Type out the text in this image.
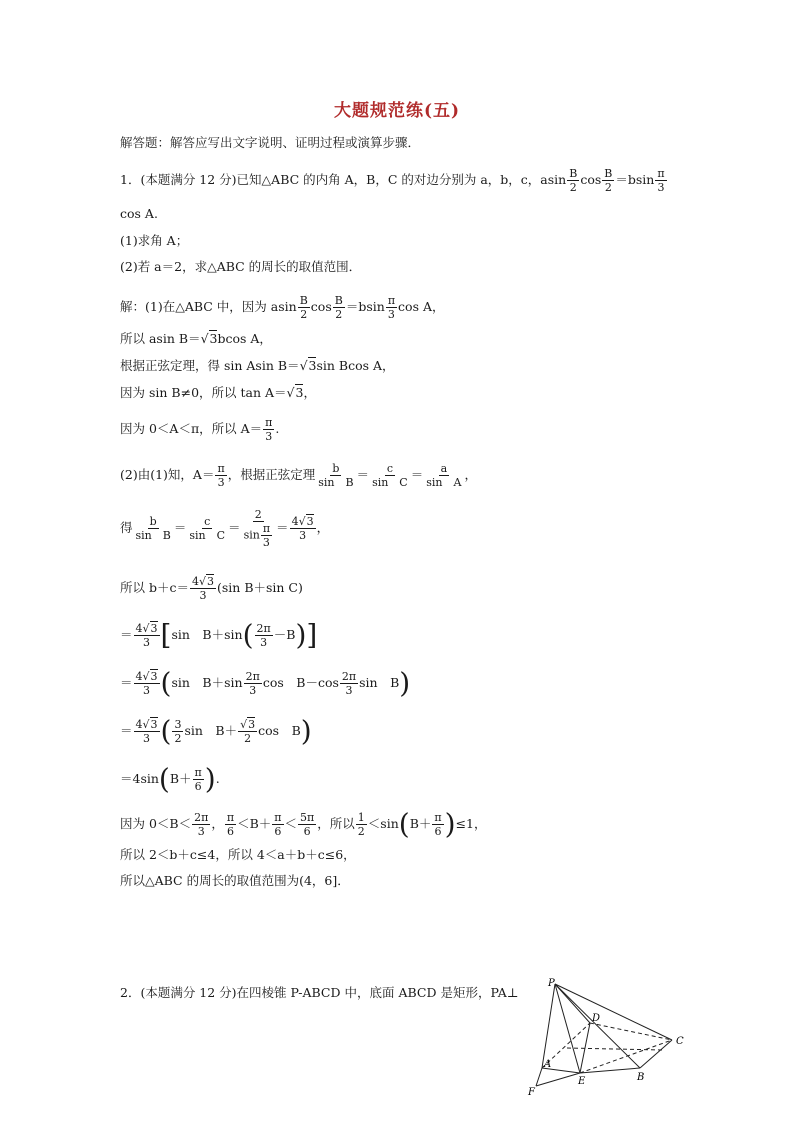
大题规范练(五)
解答题：解答应写出文字说明、证明过程或演算步骤．
1．(本题满分 12 分)已知△ABC 的内角 A，B，C 的对边分别为 a，b，c，asin $\frac{B}{2}$ $\cos \frac{B}{2} =bsin \frac{\pi}{3}$
cos A.
(1)求角 A；
(2)若 a＝2，求△ABC 的周长的取值范围．
解：(1)在△ABC 中，因为 asin $\frac{B}{2}$ $\cos \frac{B}{2} =bsin \frac{\pi}{3}$ cos A，
所以 asin B＝√3bcos A，
根据正弦定理，得 sin Asin B＝√3sin Bcos A，
因为 sin B≠0，所以 tan A＝√3，
因为 0＜A＜π，所以 $A= \frac{\pi}{3}$ .
(2)由(1)知，$A= \frac{\pi}{3}$ ，根据正弦定理 $\frac{b}{\text{sin　B}} = \frac{c}{\text{sin　C}} = \frac{a}{\text{sin　A}}$ ，
得 $\frac{b}{\text{sin　B}} = \frac{c}{\text{sin　C}} = \frac{2}{\sin \frac{\pi}{3}} = \frac{4√3}{3}$ ，
所以 $b+c= \frac{4√3}{3} (\sin$ B＋sin C)
＝ $\frac{4√3}{3} [\sin$　$B+\sin( \frac{2\pi}{3} -B)$]
＝ $\frac{4√3}{3} (\sin$　$B+\sin \frac{2\pi}{3}$ cos　$B-\cos \frac{2\pi}{3}$ sin　B)
＝ $\frac{4√3}{3}$ ( $\frac{3}{2}$ sin　$B+ \frac{√3}{2}$ cos　B)
$=4\sin(B+ \frac{\pi}{6}$ ).
因为 $0<B< \frac{2\pi}{3}$ ， $\frac{\pi}{6} <B+ \frac{\pi}{6} < \frac{5\pi}{6}$ ，所以 $\frac{1}{2} <\sin(B+ \frac{\pi}{6} )\le 1$，
所以 2＜b＋c≤4，所以 4＜a＋b＋c≤6，
所以△ABC 的周长的取值范围为(4，6]．
2．(本题满分 12 分)在四棱锥 P-ABCD 中，底面 ABCD 是矩形，PA⊥
P
D
C
A
E	B
F
